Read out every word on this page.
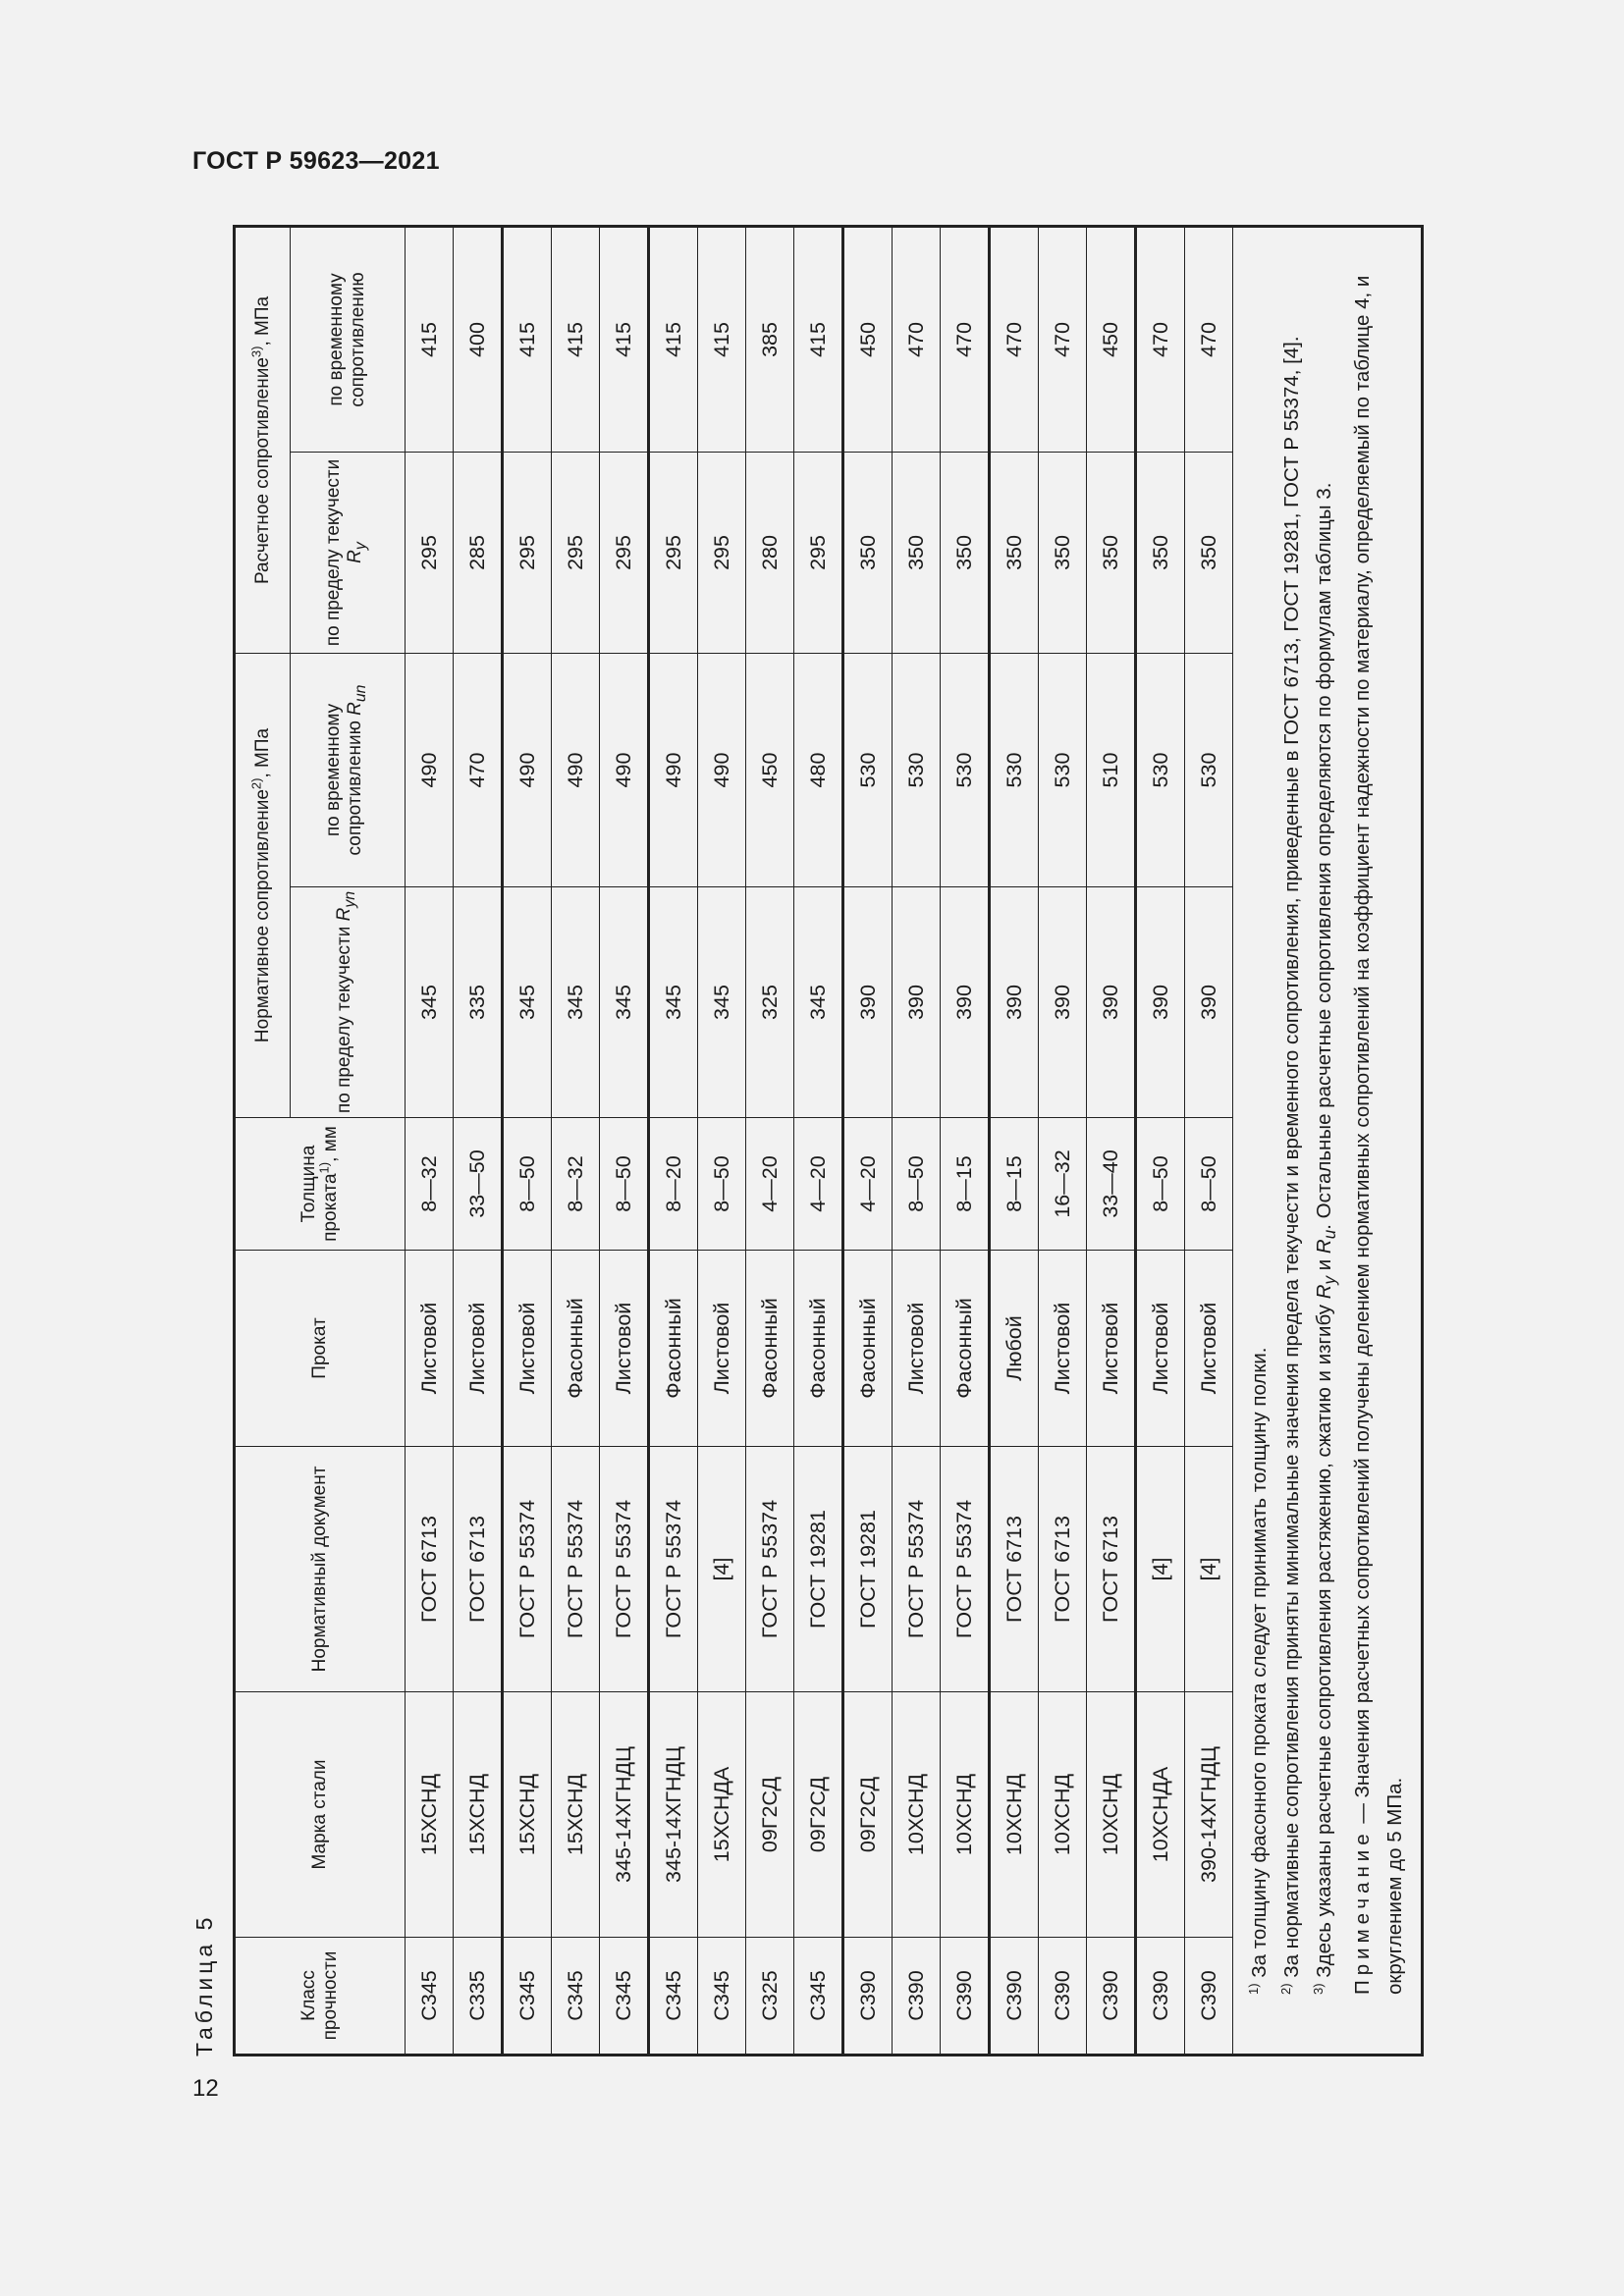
ГОСТ Р 59623—2021
12
Таблица 5	Класс прочности	Марка стали	Нормативный документ	Прокат	Толщина проката$^{1)}$, мм	Нормативное сопротивление$^{2)}$, МПа		Расчетное сопротивление$^{3)}$, МПа	
					по пределу текучести $R_{yn}$	по временному сопротивлению $R_{un}$	по пределу текучести $R_y$	по временному сопротивлению
С345	15ХСНД	ГОСТ 6713	Листовой	8—32	345	490	295	415
С335	15ХСНД	ГОСТ 6713	Листовой	33—50	335	470	285	400
С345	15ХСНД	ГОСТ Р 55374	Листовой	8—50	345	490	295	415
С345	15ХСНД	ГОСТ Р 55374	Фасонный	8—32	345	490	295	415
С345	345-14ХГНДЦ	ГОСТ Р 55374	Листовой	8—50	345	490	295	415
С345	345-14ХГНДЦ	ГОСТ Р 55374	Фасонный	8—20	345	490	295	415
С345	15ХСНДА	[4]	Листовой	8—50	345	490	295	415
С325	09Г2СД	ГОСТ Р 55374	Фасонный	4—20	325	450	280	385
С345	09Г2СД	ГОСТ 19281	Фасонный	4—20	345	480	295	415
С390	09Г2СД	ГОСТ 19281	Фасонный	4—20	390	530	350	450
С390	10ХСНД	ГОСТ Р 55374	Листовой	8—50	390	530	350	470
С390	10ХСНД	ГОСТ Р 55374	Фасонный	8—15	390	530	350	470
С390	10ХСНД	ГОСТ 6713	Любой	8—15	390	530	350	470
С390	10ХСНД	ГОСТ 6713	Листовой	16—32	390	530	350	470
С390	10ХСНД	ГОСТ 6713	Листовой	33—40	390	510	350	450
С390	10ХСНДА	[4]	Листовой	8—50	390	530	350	470
С390	390-14ХГНДЦ	[4]	Листовой	8—50	390	530	350	470

$^{1)}$ За толщину фасонного проката следует принимать толщину полки.

$^{2)}$ За нормативные сопротивления приняты минимальные значения предела текучести и временного сопротивления, приведенные в ГОСТ 6713, ГОСТ 19281, ГОСТ Р 55374, [4].

$^{3)}$ Здесь указаны расчетные сопротивления растяжению, сжатию и изгибу $R_y$ и $R_u$. Остальные расчетные сопротивления определяются по формулам таблицы 3.

Примечание — Значения расчетных сопротивлений получены делением нормативных сопротивлений на коэффициент надежности по материалу, определяемый по таблице 4, и округлением до 5 МПа.								
